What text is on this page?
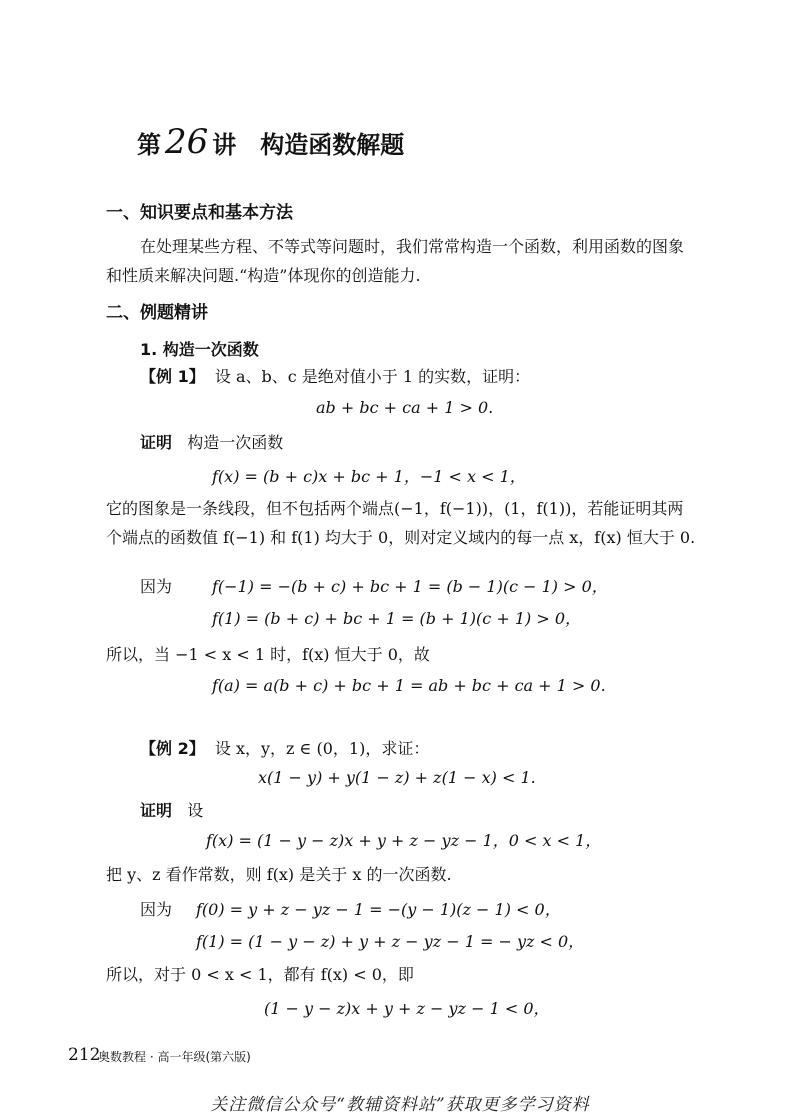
第 26 讲 构造函数解题
一、知识要点和基本方法
在处理某些方程、不等式等问题时，我们常常构造一个函数，利用函数的图象和性质来解决问题.“构造”体现你的创造能力.
二、例题精讲
1. 构造一次函数
【例 1】 设 a、b、c 是绝对值小于 1 的实数，证明：
ab + bc + ca + 1 > 0.
证明 构造一次函数
f(x) = (b + c)x + bc + 1，−1 < x < 1，
它的图象是一条线段，但不包括两个端点(−1，f(−1))，(1，f(1))，若能证明其两个端点的函数值 f(−1) 和 f(1) 均大于 0，则对定义域内的每一点 x，f(x) 恒大于 0.
因为 f(−1) = −(b + c) + bc + 1 = (b − 1)(c − 1) > 0，
f(1) = (b + c) + bc + 1 = (b + 1)(c + 1) > 0，
所以，当 −1 < x < 1 时，f(x) 恒大于 0，故
f(a) = a(b + c) + bc + 1 = ab + bc + ca + 1 > 0.
【例 2】 设 x，y，z ∈ (0，1)，求证：
x(1 − y) + y(1 − z) + z(1 − x) < 1.
证明 设
f(x) = (1 − y − z)x + y + z − yz − 1，0 < x < 1，
把 y、z 看作常数，则 f(x) 是关于 x 的一次函数.
因为 f(0) = y + z − yz − 1 = −(y − 1)(z − 1) < 0，
f(1) = (1 − y − z) + y + z − yz − 1 = − yz < 0，
所以，对于 0 < x < 1，都有 f(x) < 0，即
(1 − y − z)x + y + z − yz − 1 < 0，
212
奥数教程 · 高一年级(第六版)
关注微信公众号“教辅资料站”获取更多学习资料
